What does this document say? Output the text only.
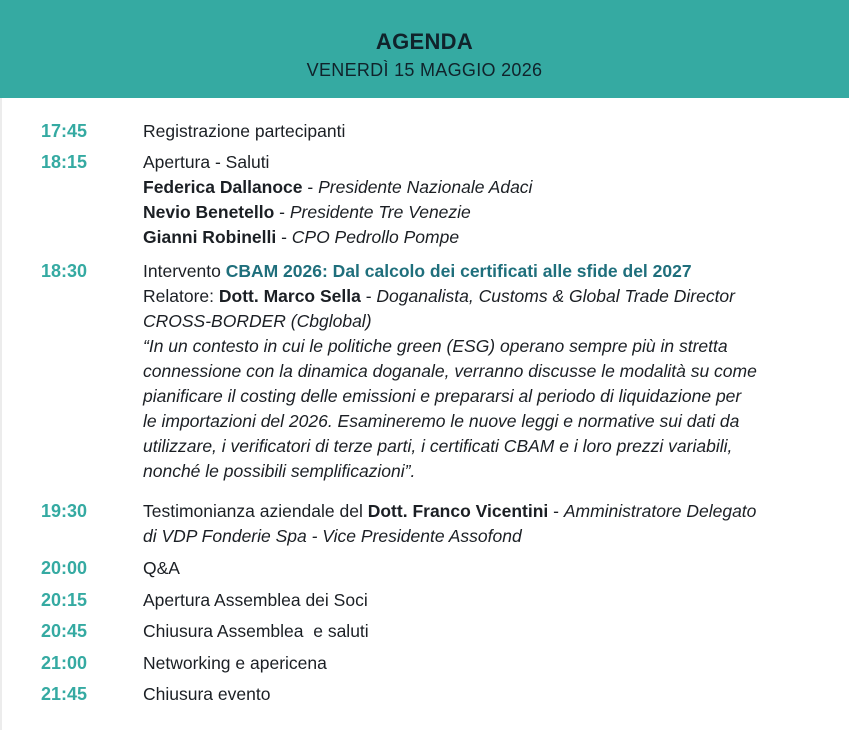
AGENDA
VENERDÌ 15 MAGGIO 2026
17:45	Registrazione partecipanti
18:15	Apertura - Saluti
Federica Dallanoce - Presidente Nazionale Adaci
Nevio Benetello - Presidente Tre Venezie
Gianni Robinelli - CPO Pedrollo Pompe
18:30	Intervento CBAM 2026: Dal calcolo dei certificati alle sfide del 2027
Relatore: Dott. Marco Sella - Doganalista, Customs & Global Trade Director
CROSS-BORDER (Cbglobal)
“In un contesto in cui le politiche green (ESG) operano sempre più in stretta
connessione con la dinamica doganale, verranno discusse le modalità su come
pianificare il costing delle emissioni e prepararsi al periodo di liquidazione per
le importazioni del 2026. Esamineremo le nuove leggi e normative sui dati da
utilizzare, i verificatori di terze parti, i certificati CBAM e i loro prezzi variabili,
nonché le possibili semplificazioni”.
19:30	Testimonianza aziendale del Dott. Franco Vicentini - Amministratore Delegato
di VDP Fonderie Spa - Vice Presidente Assofond
20:00	Q&A
20:15	Apertura Assemblea dei Soci
20:45	Chiusura Assemblea  e saluti
21:00	Networking e apericena
21:45	Chiusura evento
